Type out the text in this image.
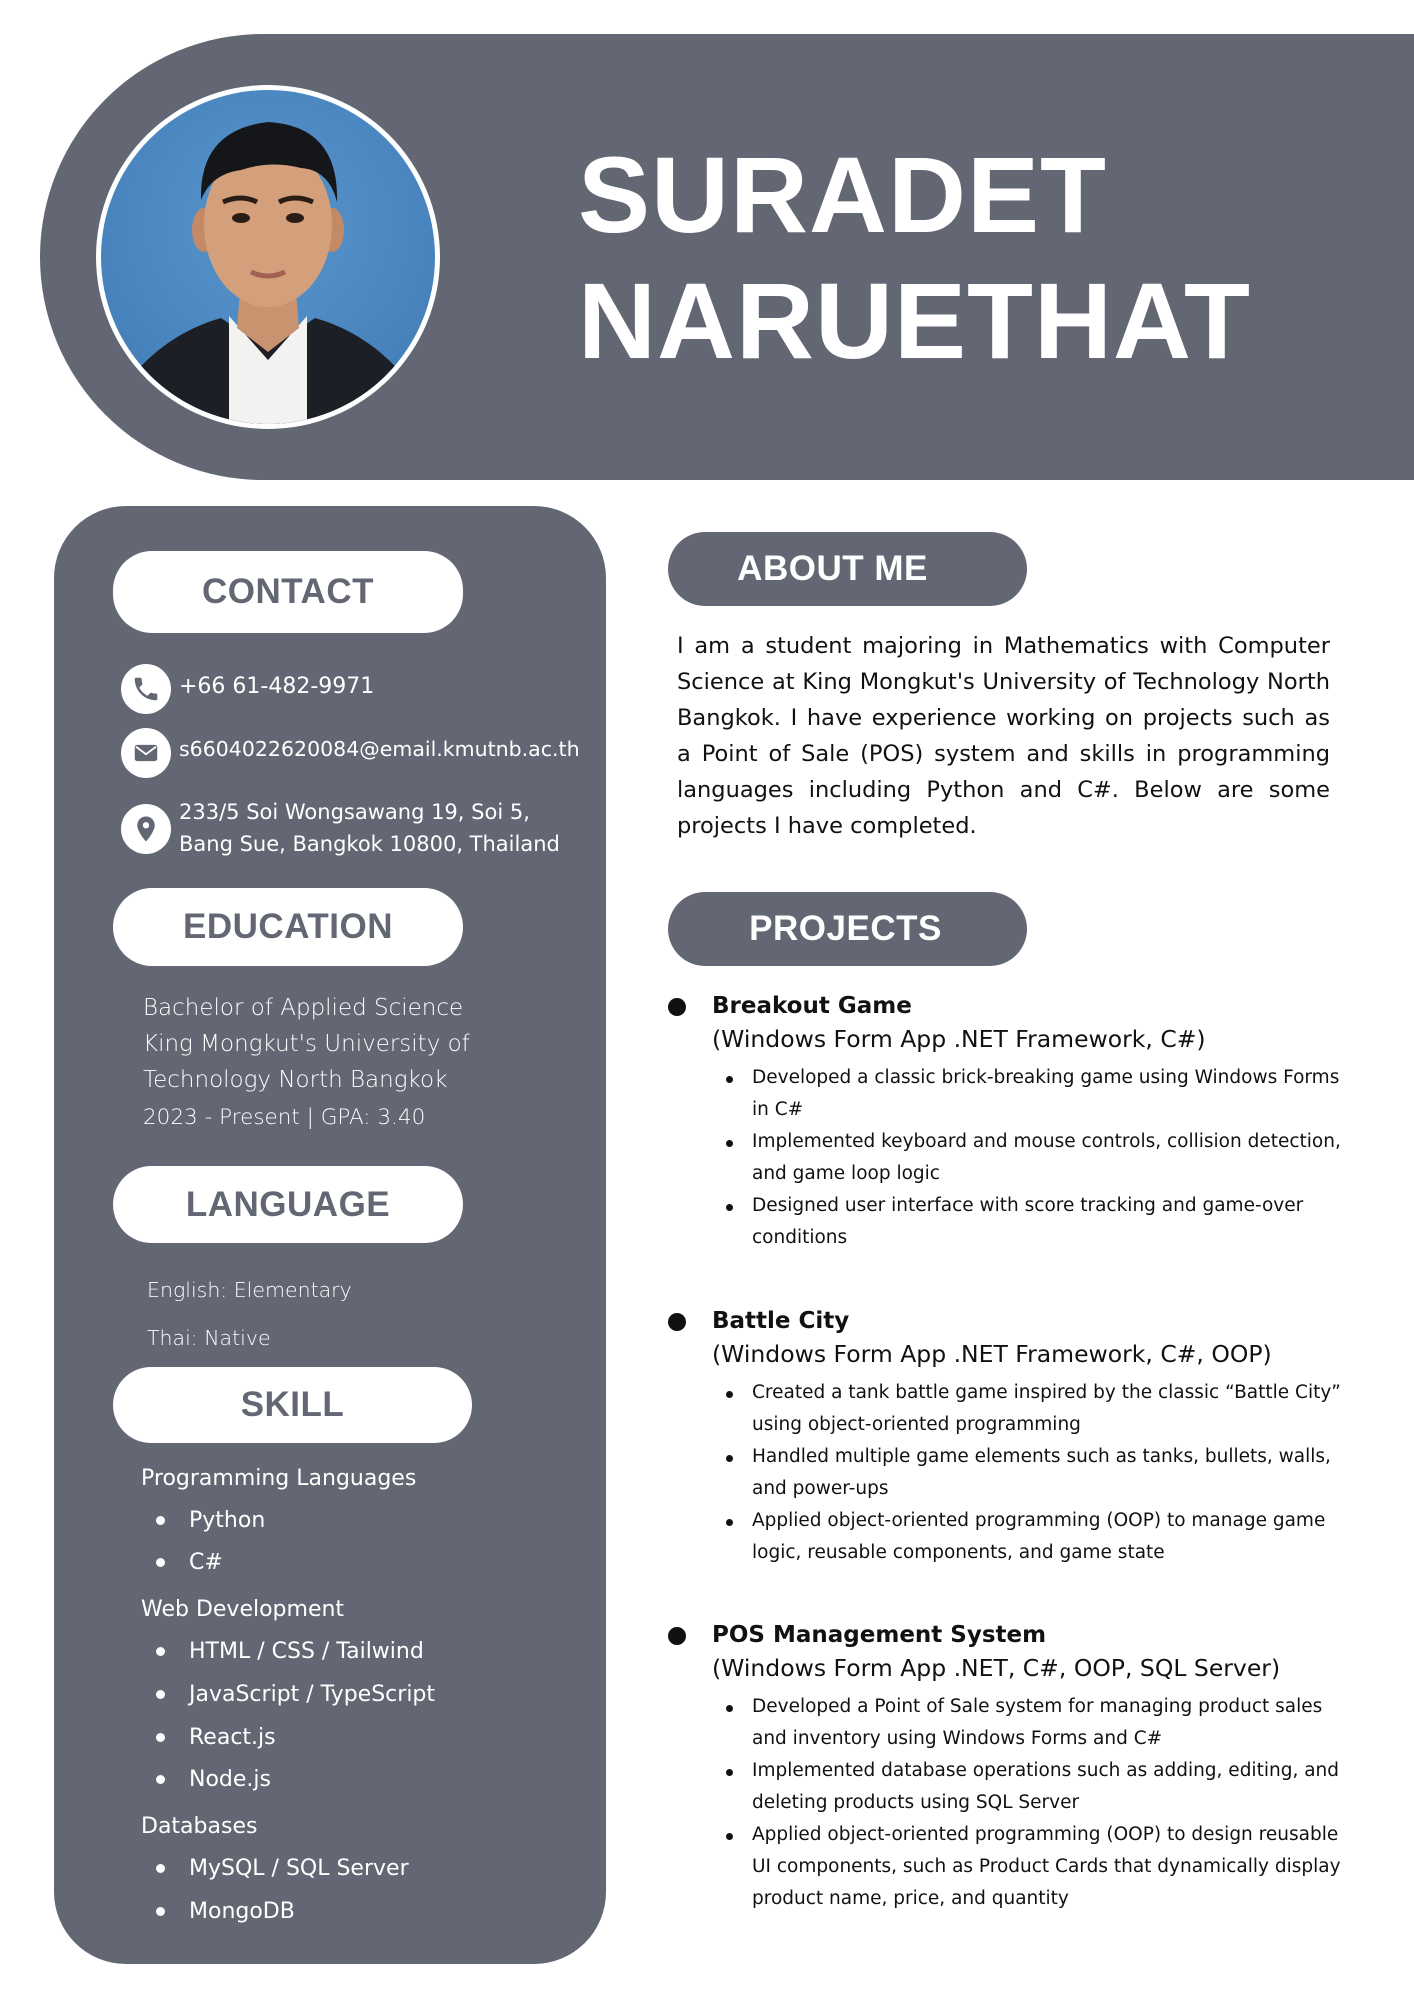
SURADET
NARUETHAT
CONTACT
+66 61-482-9971
s6604022620084@email.kmutnb.ac.th
233/5 Soi Wongsawang 19, Soi 5,
Bang Sue, Bangkok 10800, Thailand
EDUCATION
Bachelor of Applied Science
King Mongkut's University of
Technology North Bangkok
2023 - Present | GPA: 3.40
LANGUAGE
English: Elementary
Thai: Native
SKILL
Programming Languages
Python
C#
Web Development
HTML / CSS / Tailwind
JavaScript / TypeScript
React.js
Node.js
Databases
MySQL / SQL Server
MongoDB
ABOUT ME
I am a student majoring in Mathematics with Computer Science at King Mongkut's University of Technology North Bangkok. I have experience working on projects such as a Point of Sale (POS) system and skills in programming languages including Python and C#. Below are some projects I have completed.
PROJECTS
Breakout Game
(Windows Form App .NET Framework, C#)
Developed a classic brick-breaking game using Windows Forms in C#
Implemented keyboard and mouse controls, collision detection, and game loop logic
Designed user interface with score tracking and game-over conditions
Battle City
(Windows Form App .NET Framework, C#, OOP)
Created a tank battle game inspired by the classic “Battle City” using object-oriented programming
Handled multiple game elements such as tanks, bullets, walls, and power-ups
Applied object-oriented programming (OOP) to manage game logic, reusable components, and game state
POS Management System
(Windows Form App .NET, C#, OOP, SQL Server)
Developed a Point of Sale system for managing product sales and inventory using Windows Forms and C#
Implemented database operations such as adding, editing, and deleting products using SQL Server
Applied object-oriented programming (OOP) to design reusable UI components, such as Product Cards that dynamically display product name, price, and quantity
